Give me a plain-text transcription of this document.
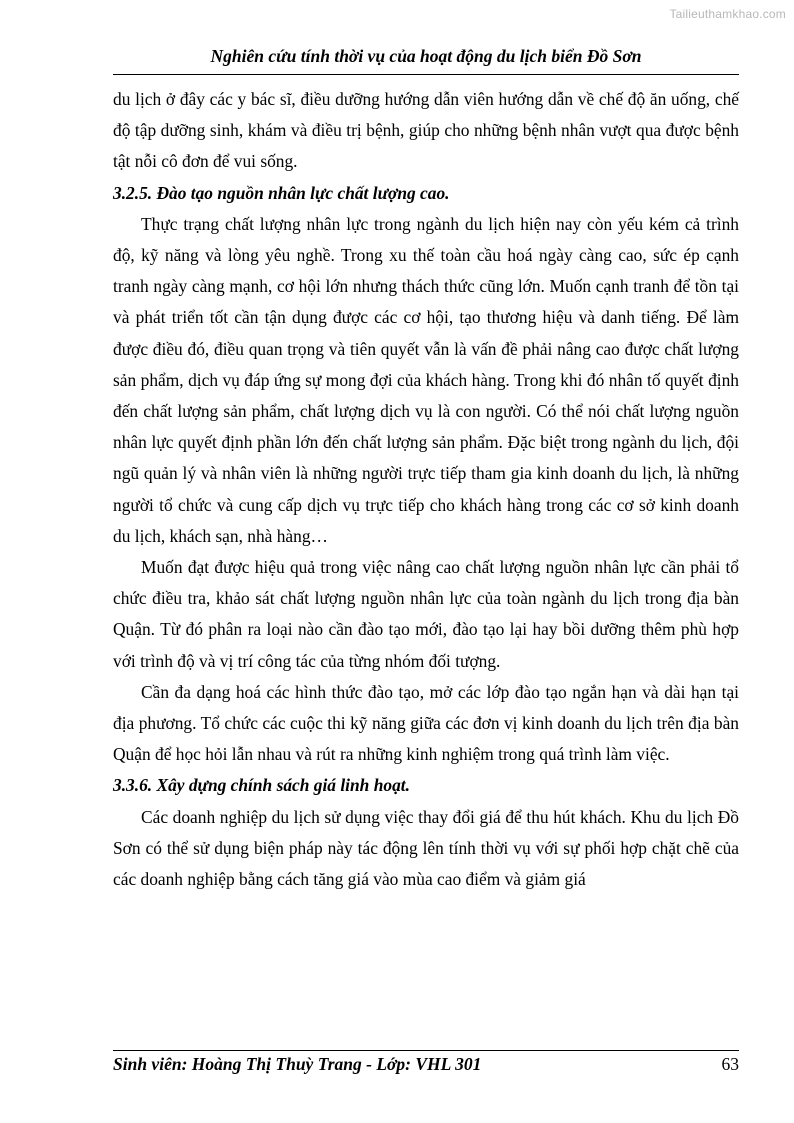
Tailieuthamkhao.com
Nghiên cứu tính thời vụ của hoạt động du lịch biển Đồ Sơn

du lịch ở đây các y bác sĩ, điều dưỡng hướng dẫn viên hướng dẫn về chế độ ăn uống, chế độ tập dưỡng sinh, khám và điều trị bệnh, giúp cho những bệnh nhân vượt qua được bệnh tật nỗi cô đơn để vui sống.

3.2.5. Đào tạo nguồn nhân lực chất lượng cao.

Thực trạng chất lượng nhân lực trong ngành du lịch hiện nay còn yếu kém cả trình độ, kỹ năng và lòng yêu nghề. Trong xu thế toàn cầu hoá ngày càng cao, sức ép cạnh tranh ngày càng mạnh, cơ hội lớn nhưng thách thức cũng lớn. Muốn cạnh tranh để tồn tại và phát triển tốt cần tận dụng được các cơ hội, tạo thương hiệu và danh tiếng. Để làm được điều đó, điều quan trọng và tiên quyết vẫn là vấn đề phải nâng cao được chất lượng sản phẩm, dịch vụ đáp ứng sự mong đợi của khách hàng. Trong khi đó nhân tố quyết định đến chất lượng sản phẩm, chất lượng dịch vụ là con người. Có thể nói chất lượng nguồn nhân lực quyết định phần lớn đến chất lượng sản phẩm. Đặc biệt trong ngành du lịch, đội ngũ quản lý và nhân viên là những người trực tiếp tham gia kinh doanh du lịch, là những người tổ chức và cung cấp dịch vụ trực tiếp cho khách hàng trong các cơ sở kinh doanh du lịch, khách sạn, nhà hàng…

Muốn đạt được hiệu quả trong việc nâng cao chất lượng nguồn nhân lực cần phải tổ chức điều tra, khảo sát chất lượng nguồn nhân lực của toàn ngành du lịch trong địa bàn Quận. Từ đó phân ra loại nào cần đào tạo mới, đào tạo lại hay bồi dưỡng thêm phù hợp với trình độ và vị trí công tác của từng nhóm đối tượng.

Cần đa dạng hoá các hình thức đào tạo, mở các lớp đào tạo ngắn hạn và dài hạn tại địa phương. Tổ chức các cuộc thi kỹ năng giữa các đơn vị kinh doanh du lịch trên địa bàn Quận để học hỏi lẫn nhau và rút ra những kinh nghiệm trong quá trình làm việc.

3.3.6. Xây dựng chính sách giá linh hoạt.

Các doanh nghiệp du lịch sử dụng việc thay đổi giá để thu hút khách. Khu du lịch Đồ Sơn có thể sử dụng biện pháp này tác động lên tính thời vụ với sự phối hợp chặt chẽ của các doanh nghiệp bằng cách tăng giá vào mùa cao điểm và giảm giá

Sinh viên: Hoàng Thị Thuỳ Trang - Lớp: VHL 301	63
